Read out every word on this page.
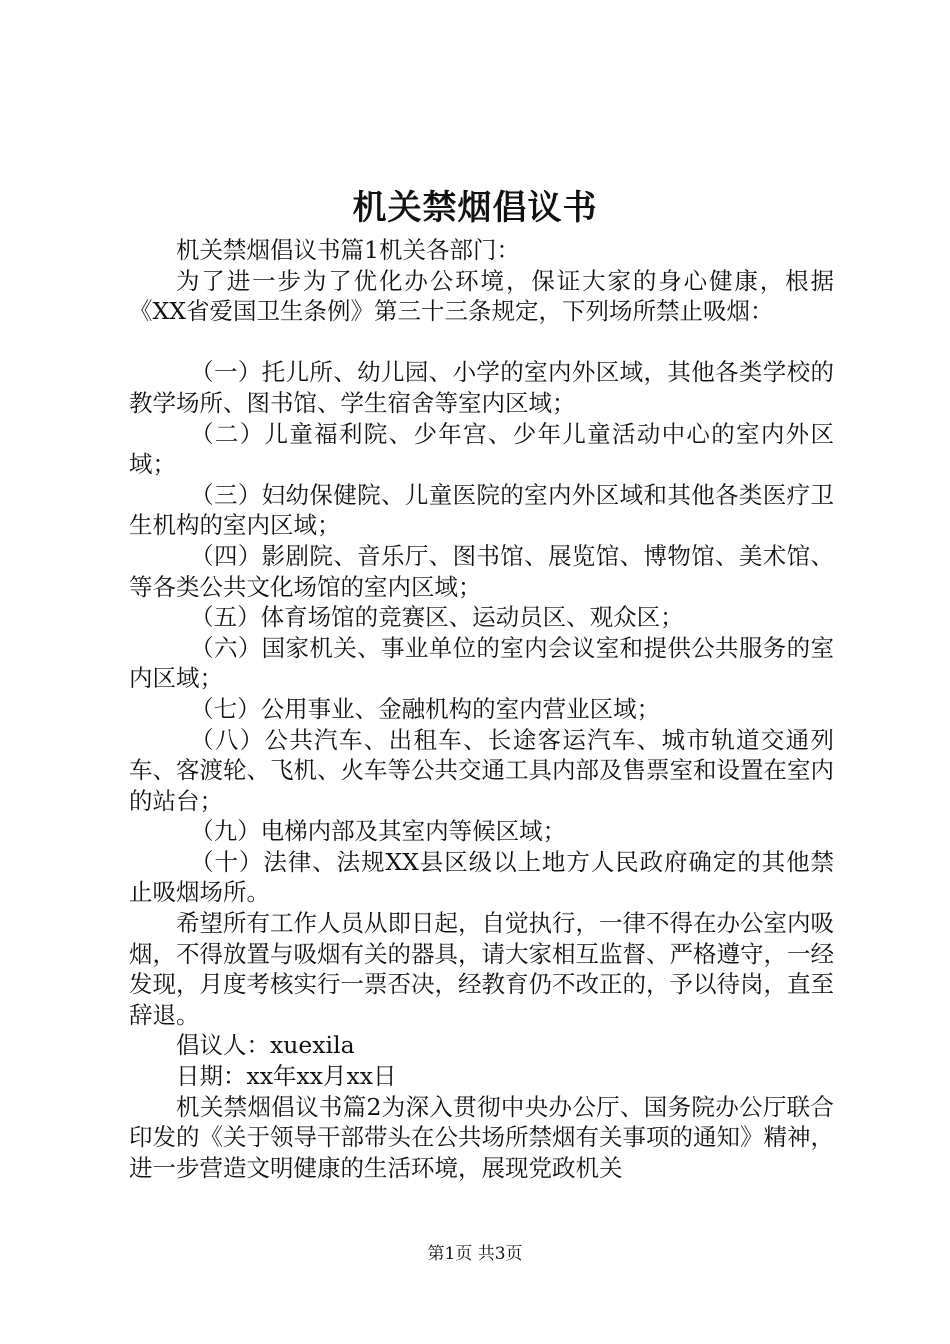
机关禁烟倡议书

机关禁烟倡议书篇1机关各部门：

为了进一步为了优化办公环境，保证大家的身心健康，根据《XX省爱国卫生条例》第三十三条规定，下列场所禁止吸烟：

（一）托儿所、幼儿园、小学的室内外区域，其他各类学校的教学场所、图书馆、学生宿舍等室内区域；

（二）儿童福利院、少年宫、少年儿童活动中心的室内外区域；

（三）妇幼保健院、儿童医院的室内外区域和其他各类医疗卫生机构的室内区域；

（四）影剧院、音乐厅、图书馆、展览馆、博物馆、美术馆、等各类公共文化场馆的室内区域；

（五）体育场馆的竞赛区、运动员区、观众区；

（六）国家机关、事业单位的室内会议室和提供公共服务的室内区域；

（七）公用事业、金融机构的室内营业区域；

（八）公共汽车、出租车、长途客运汽车、城市轨道交通列车、客渡轮、飞机、火车等公共交通工具内部及售票室和设置在室内的站台；

（九）电梯内部及其室内等候区域；

（十）法律、法规XX县区级以上地方人民政府确定的其他禁止吸烟场所。

希望所有工作人员从即日起，自觉执行，一律不得在办公室内吸烟，不得放置与吸烟有关的器具，请大家相互监督、严格遵守，一经发现，月度考核实行一票否决，经教育仍不改正的，予以待岗，直至辞退。

倡议人：xuexila

日期：xx年xx月xx日

机关禁烟倡议书篇2为深入贯彻中央办公厅、国务院办公厅联合印发的《关于领导干部带头在公共场所禁烟有关事项的通知》精神，进一步营造文明健康的生活环境，展现党政机关

第1页 共3页
